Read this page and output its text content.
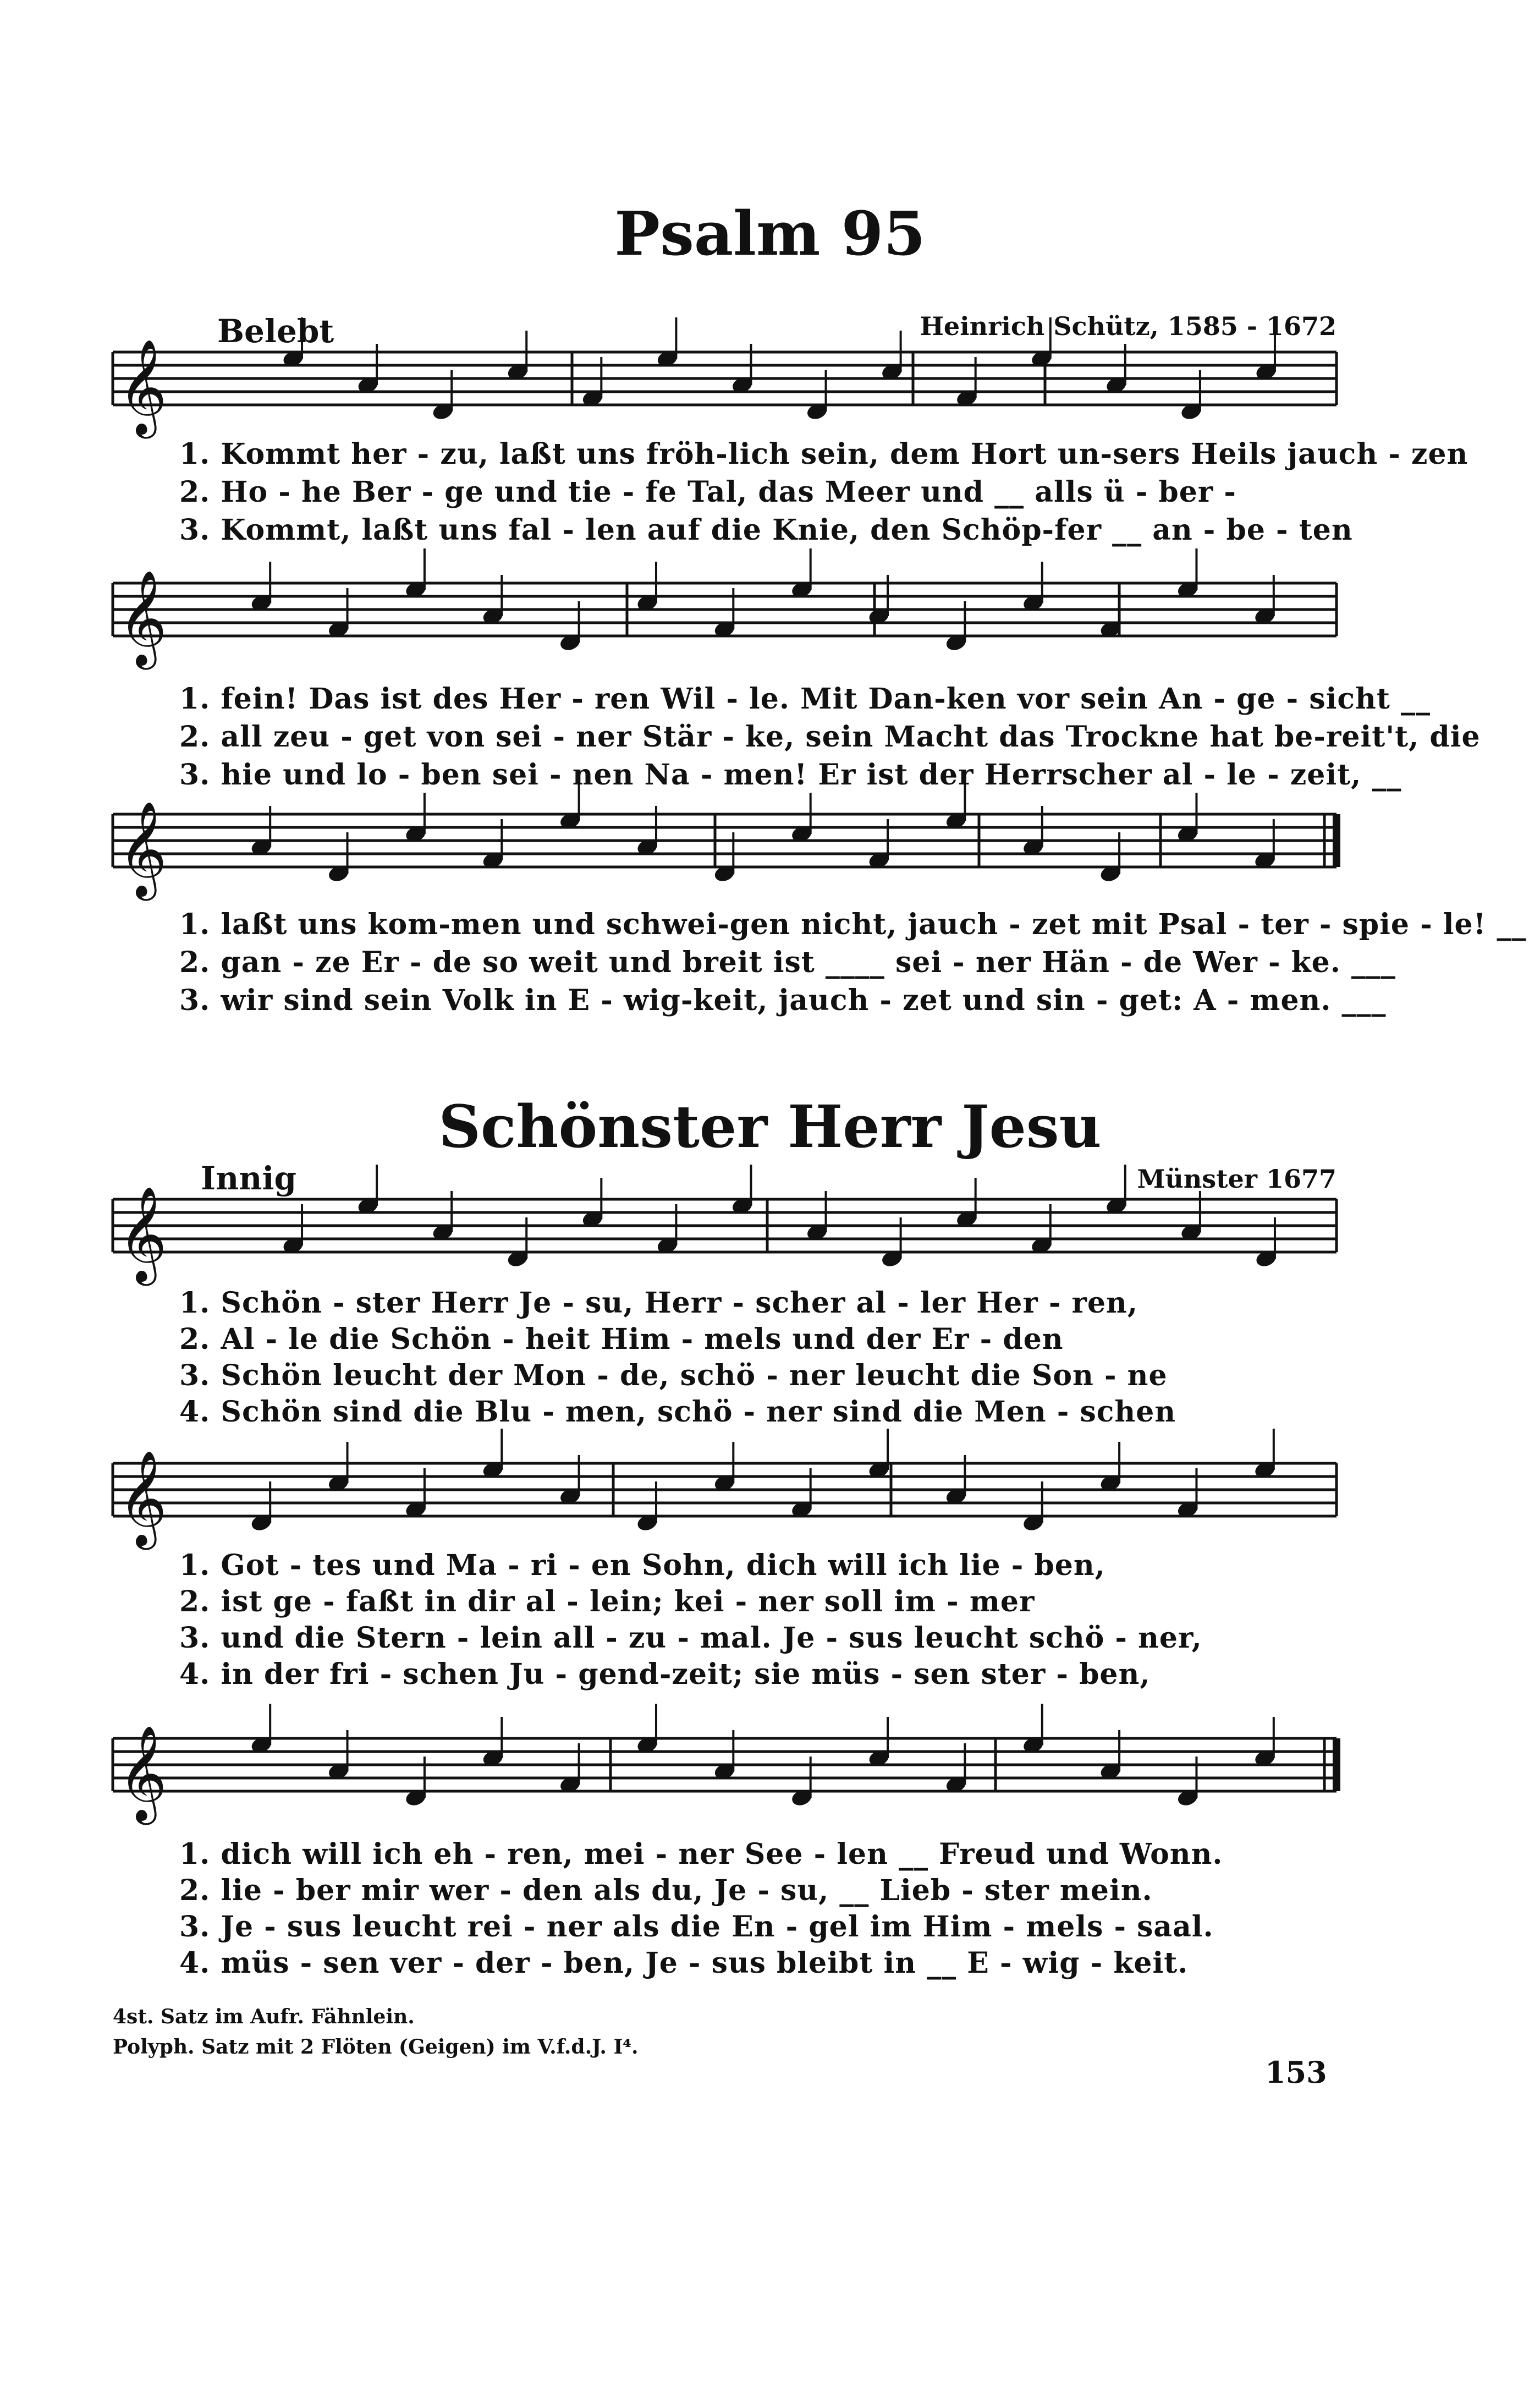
Psalm 95
Belebt	Heinrich Schütz, 1585 - 1672
Schönster Herr Jesu
Innig	Münster 1677
𝄞
𝄞
𝄞
𝄞
𝄞
𝄞
1. Kommt her - zu, laßt uns fröh-lich sein, dem Hort un-sers Heils jauch - zen
2. Ho - he Ber - ge und tie - fe Tal, das Meer und __ alls ü - ber -
3. Kommt, laßt uns fal - len auf die Knie, den Schöp-fer __ an - be - ten
1. fein! Das ist des Her - ren Wil - le. Mit Dan-ken vor sein An - ge - sicht __
2. all zeu - get von sei - ner Stär - ke, sein Macht das Trockne hat be-reit't, die
3. hie und lo - ben sei - nen Na - men! Er ist der Herrscher al - le - zeit, __
1. laßt uns kom-men und schwei-gen nicht, jauch - zet mit Psal - ter - spie - le! __
2. gan - ze Er - de so weit und breit ist ____ sei - ner Hän - de Wer - ke. ___
3. wir sind sein Volk in E - wig-keit, jauch - zet und sin - get: A - men. ___
1. Schön - ster Herr Je - su, Herr - scher al - ler Her - ren,
2. Al - le die Schön - heit Him - mels und der Er - den
3. Schön leucht der Mon - de, schö - ner leucht die Son - ne
4. Schön sind die Blu - men, schö - ner sind die Men - schen
1. Got - tes und Ma - ri - en Sohn, dich will ich lie - ben,
2. ist ge - faßt in dir al - lein; kei - ner soll im - mer
3. und die Stern - lein all - zu - mal. Je - sus leucht schö - ner,
4. in der fri - schen Ju - gend-zeit; sie müs - sen ster - ben,
1. dich will ich eh - ren, mei - ner See - len __ Freud und Wonn.
2. lie - ber mir wer - den als du, Je - su, __ Lieb - ster mein.
3. Je - sus leucht rei - ner als die En - gel im Him - mels - saal.
4. müs - sen ver - der - ben, Je - sus bleibt in __ E - wig - keit.
4st. Satz im Aufr. Fähnlein.
Polyph. Satz mit 2 Flöten (Geigen) im V.f.d.J. I⁴.
153
